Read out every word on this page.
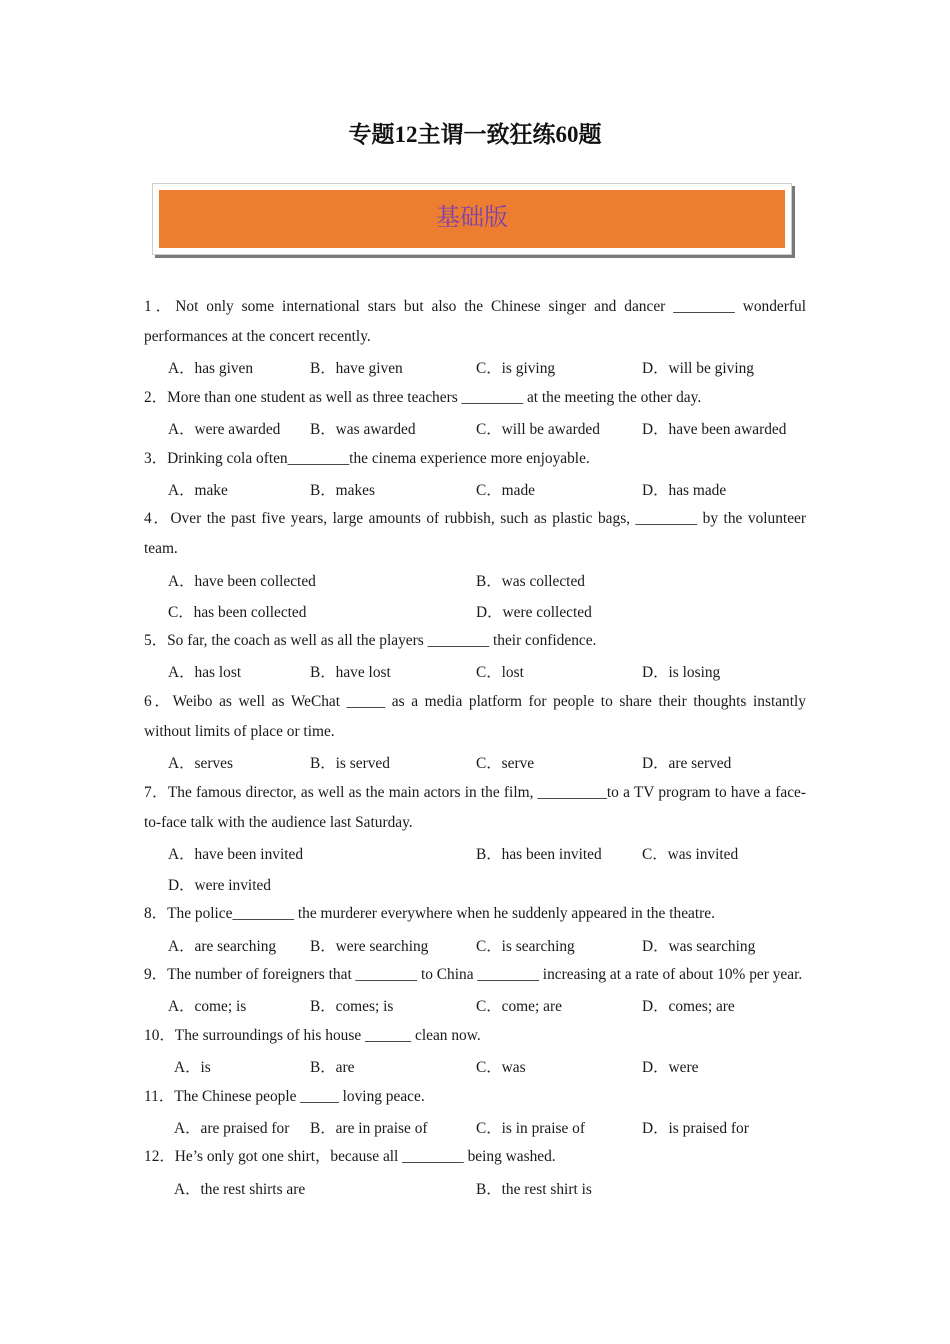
专题12主谓一致狂练60题
基础版
1．Not only some international stars but also the Chinese singer and dancer ________ wonderful performances at the concert recently.
A．has given	B．have given	C．is giving	D．will be giving
2．More than one student as well as three teachers ________ at the meeting the other day.
A．were awarded	B．was awarded	C．will be awarded	D．have been awarded
3．Drinking cola often________the cinema experience more enjoyable.
A．make	B．makes	C．made	D．has made
4．Over the past five years, large amounts of rubbish, such as plastic bags, ________ by the volunteer team.
A．have been collected	B．was collected
C．has been collected	D．were collected
5．So far, the coach as well as all the players ________ their confidence.
A．has lost	B．have lost	C．lost	D．is losing
6．Weibo as well as WeChat _____ as a media platform for people to share their thoughts instantly without limits of place or time.
A．serves	B．is served	C．serve	D．are served
7．The famous director, as well as the main actors in the film, _________to a TV program to have a face-to-face talk with the audience last Saturday.
A．have been invited	B．has been invited	C．was invited
D．were invited
8．The police________ the murderer everywhere when he suddenly appeared in the theatre.
A．are searching	B．were searching	C．is searching	D．was searching
9．The number of foreigners that ________ to China ________ increasing at a rate of about 10% per year.
A．come; is	B．comes; is	C．come; are	D．comes; are
10．The surroundings of his house ______ clean now.
A．is	B．are	C．was	D．were
11．The Chinese people _____ loving peace.
A．are praised for	B．are in praise of	C．is in praise of	D．is praised for
12．He’s only got one shirt，because all ________ being washed.
A．the rest shirts are	B．the rest shirt is
